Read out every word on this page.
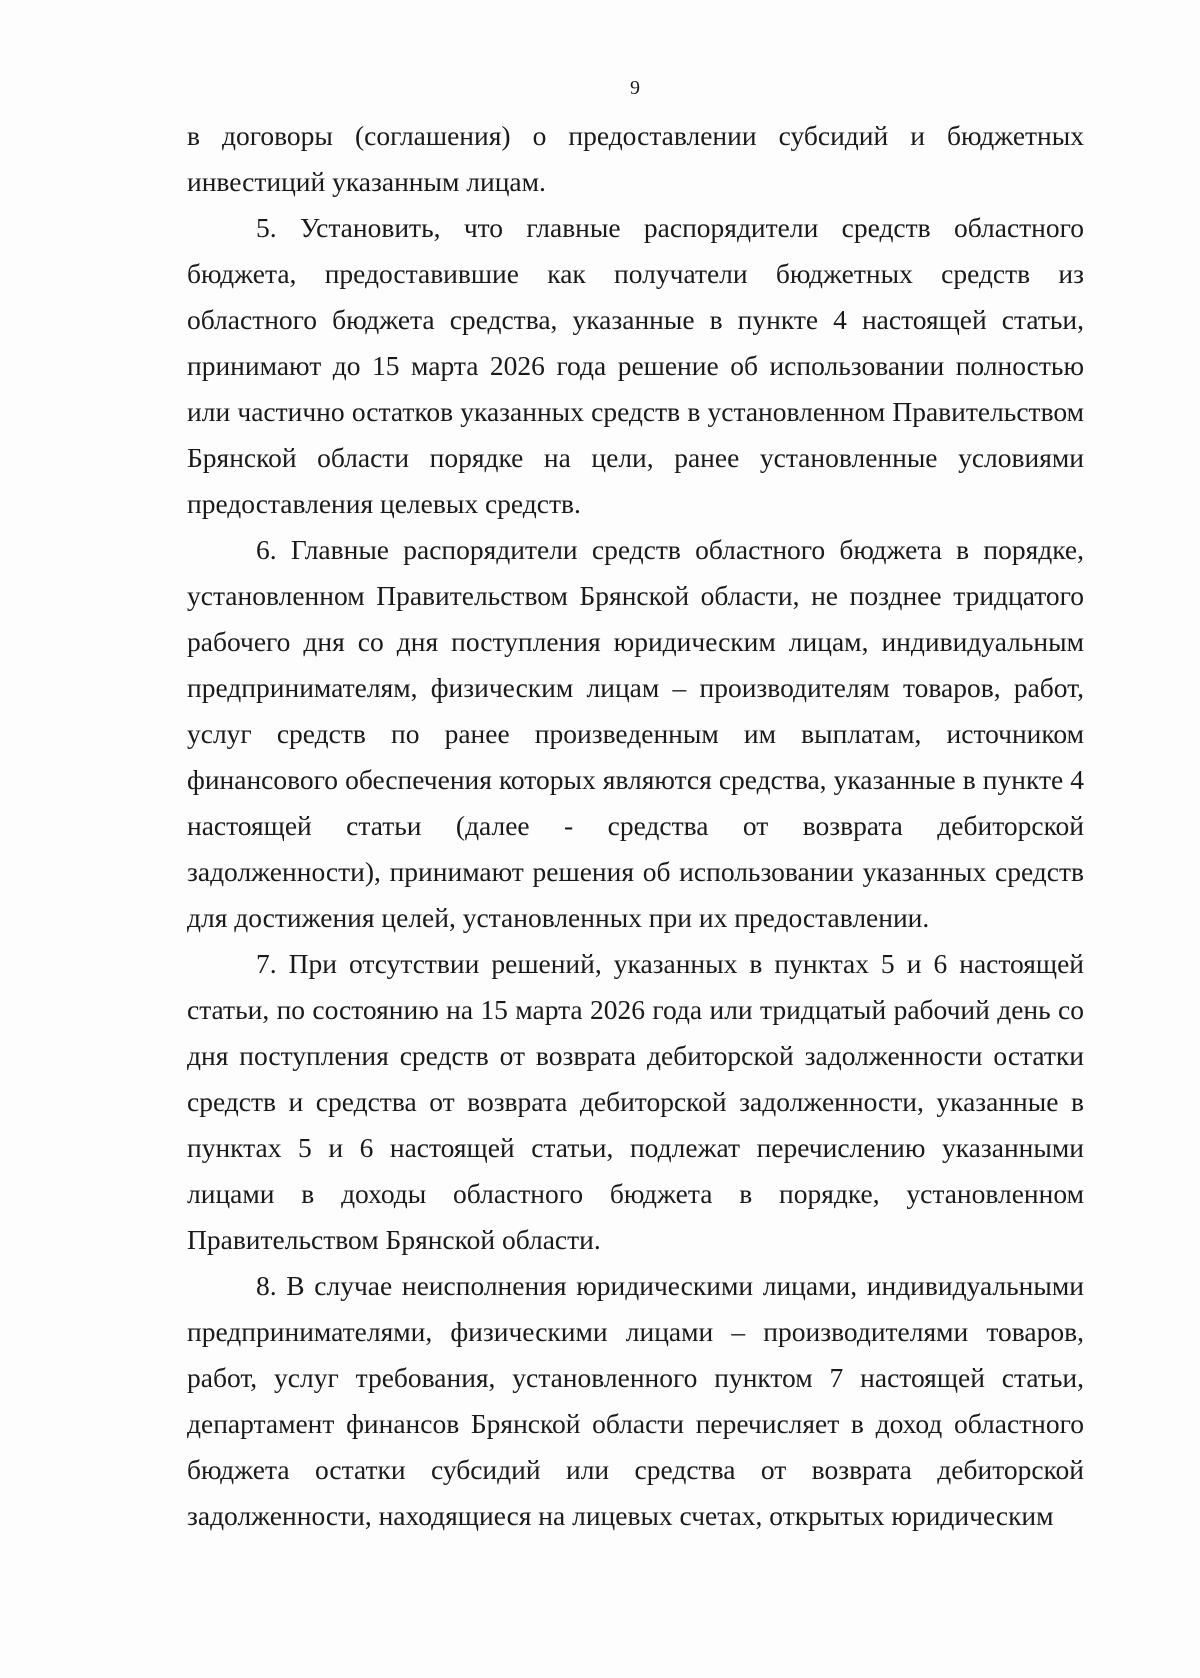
9

в договоры (соглашения) о предоставлении субсидий и бюджетных инвестиций указанным лицам.

5. Установить, что главные распорядители средств областного бюджета, предоставившие как получатели бюджетных средств из областного бюджета средства, указанные в пункте 4 настоящей статьи, принимают до 15 марта 2026 года решение об использовании полностью или частично остатков указанных средств в установленном Правительством Брянской области порядке на цели, ранее установленные условиями предоставления целевых средств.

6. Главные распорядители средств областного бюджета в порядке, установленном Правительством Брянской области, не позднее тридцатого рабочего дня со дня поступления юридическим лицам, индивидуальным предпринимателям, физическим лицам – производителям товаров, работ, услуг средств по ранее произведенным им выплатам, источником финансового обеспечения которых являются средства, указанные в пункте 4 настоящей статьи (далее - средства от возврата дебиторской задолженности), принимают решения об использовании указанных средств для достижения целей, установленных при их предоставлении.

7. При отсутствии решений, указанных в пунктах 5 и 6 настоящей статьи, по состоянию на 15 марта 2026 года или тридцатый рабочий день со дня поступления средств от возврата дебиторской задолженности остатки средств и средства от возврата дебиторской задолженности, указанные в пунктах 5 и 6 настоящей статьи, подлежат перечислению указанными лицами в доходы областного бюджета в порядке, установленном Правительством Брянской области.

8. В случае неисполнения юридическими лицами, индивидуальными предпринимателями, физическими лицами – производителями товаров, работ, услуг требования, установленного пунктом 7 настоящей статьи, департамент финансов Брянской области перечисляет в доход областного бюджета остатки субсидий или средства от возврата дебиторской задолженности, находящиеся на лицевых счетах, открытых юридическим
